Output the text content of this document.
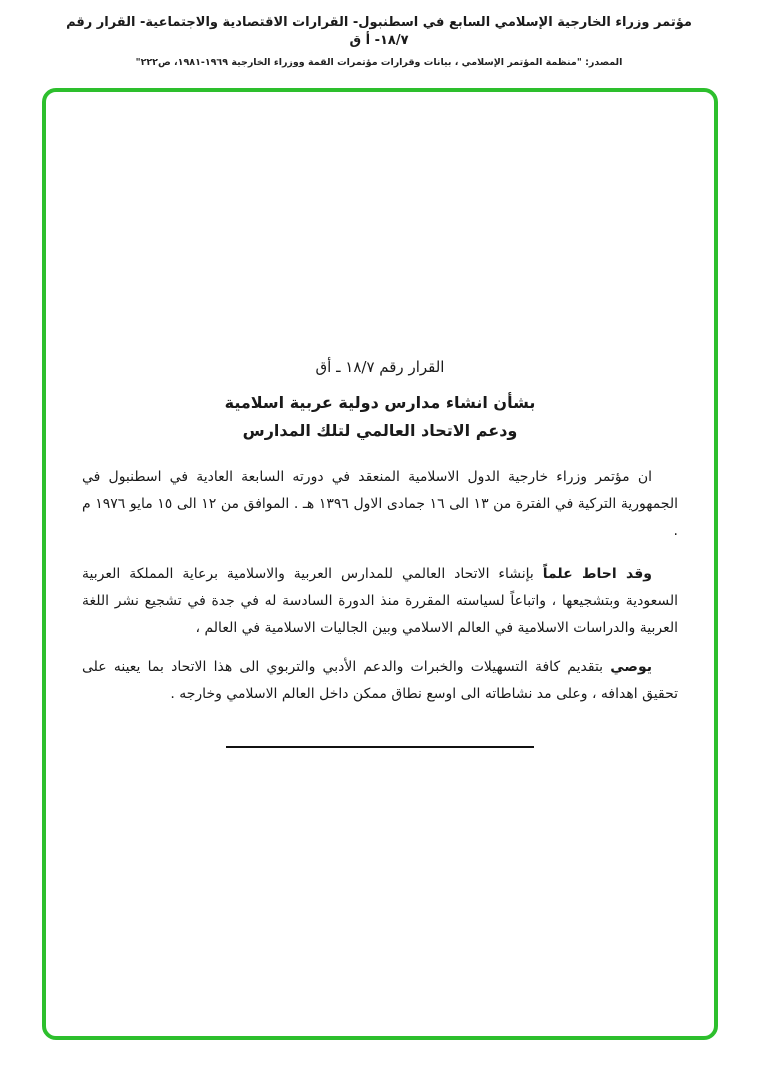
مؤتمر وزراء الخارجية الإسلامي السابع في اسطنبول- القرارات الاقتصادية والاجتماعية- القرار رقم ١٨/٧- أ ق
المصدر: "منظمة المؤتمر الإسلامي ، بيانات وقرارات مؤتمرات القمة ووزراء الخارجية ١٩٦٩-١٩٨١، ص٢٢٢"
القرار رقم ١٨/٧ ـ أق
بشأن انشاء مدارس دولية عربية اسلامية
ودعم الاتحاد العالمي لتلك المدارس

ان مؤتمر وزراء خارجية الدول الاسلامية المنعقد في دورته السابعة العادية في اسطنبول في الجمهورية التركية في الفترة من ١٣ الى ١٦ جمادى الاول ١٣٩٦ هـ . الموافق من ١٢ الى ١٥ مايو ١٩٧٦ م .

وقد احاط علماً بإنشاء الاتحاد العالمي للمدارس العربية والاسلامية برعاية المملكة العربية السعودية وبتشجيعها ، واتباعاً لسياسته المقررة منذ الدورة السادسة له في جدة في تشجيع نشر اللغة العربية والدراسات الاسلامية في العالم الاسلامي وبين الجاليات الاسلامية في العالم ،

يوصي بتقديم كافة التسهيلات والخبرات والدعم الأدبي والتربوي الى هذا الاتحاد بما يعينه على تحقيق اهدافه ، وعلى مد نشاطاته الى اوسع نطاق ممكن داخل العالم الاسلامي وخارجه .
